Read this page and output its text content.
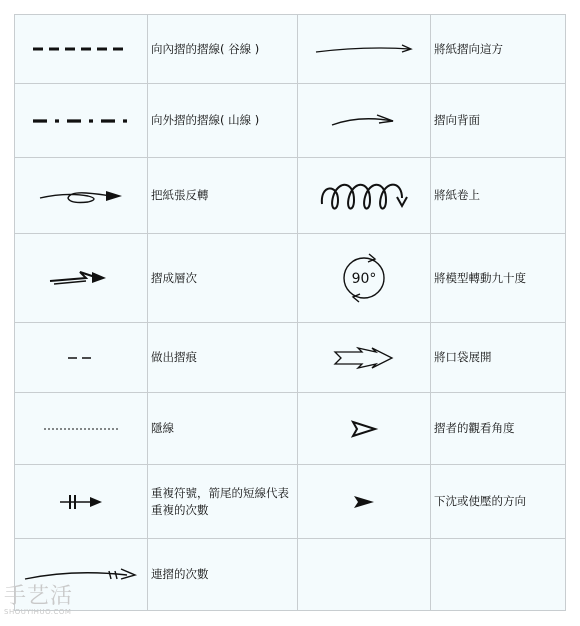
	向內摺的摺線( 谷線 )		將紙摺向這方

	向外摺的摺線( 山線 )		摺向背面

	把紙張反轉		將紙卷上

	摺成層次	90°	將模型轉動九十度

	做出摺痕		將口袋展開

	隱線		摺者的觀看角度

	重複符號，箭尾的短線代表重複的次數		下沈或使壓的方向

	連摺的次數		
手艺活
SHOUYIHUO.COM
